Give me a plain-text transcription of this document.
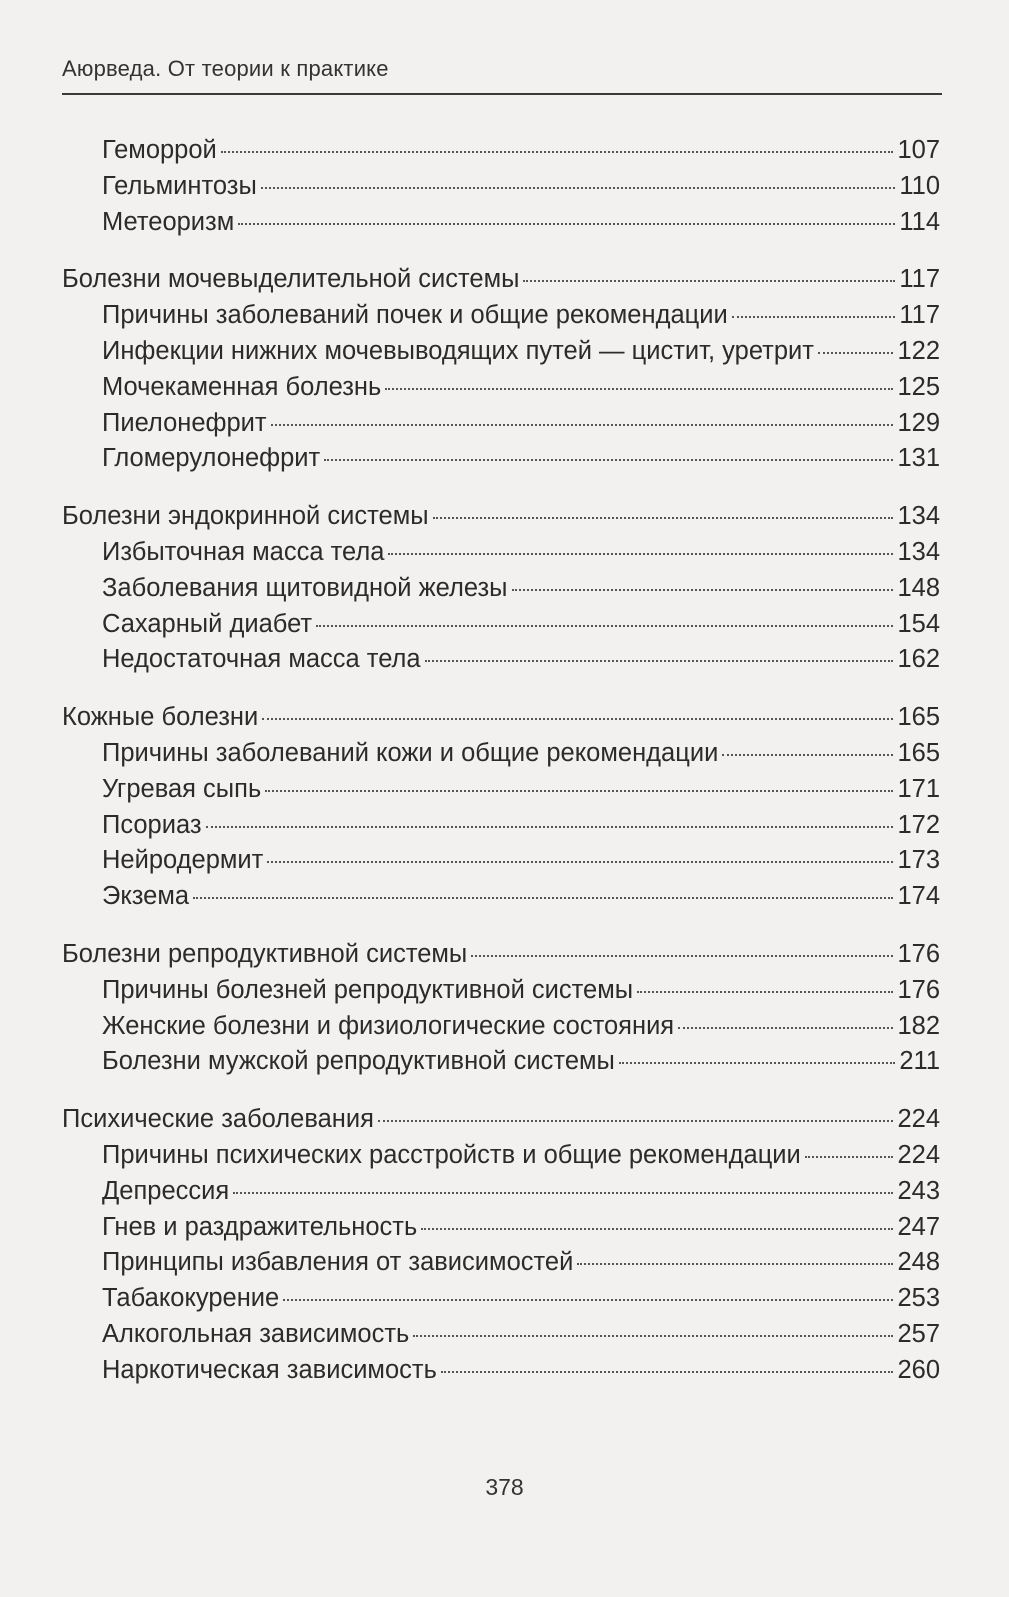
Аюрведа. От теории к практике
Геморрой	107
Гельминтозы	110
Метеоризм	114
Болезни мочевыделительной системы	117
Причины заболеваний почек и общие рекомендации	117
Инфекции нижних мочевыводящих путей — цистит, уретрит	122
Мочекаменная болезнь	125
Пиелонефрит	129
Гломерулонефрит	131
Болезни эндокринной системы	134
Избыточная масса тела	134
Заболевания щитовидной железы	148
Сахарный диабет	154
Недостаточная масса тела	162
Кожные болезни	165
Причины заболеваний кожи и общие рекомендации	165
Угревая сыпь	171
Псориаз	172
Нейродермит	173
Экзема	174
Болезни репродуктивной системы	176
Причины болезней репродуктивной системы	176
Женские болезни и физиологические состояния	182
Болезни мужской репродуктивной системы	211
Психические заболевания	224
Причины психических расстройств и общие рекомендации	224
Депрессия	243
Гнев и раздражительность	247
Принципы избавления от зависимостей	248
Табакокурение	253
Алкогольная зависимость	257
Наркотическая зависимость	260
378
